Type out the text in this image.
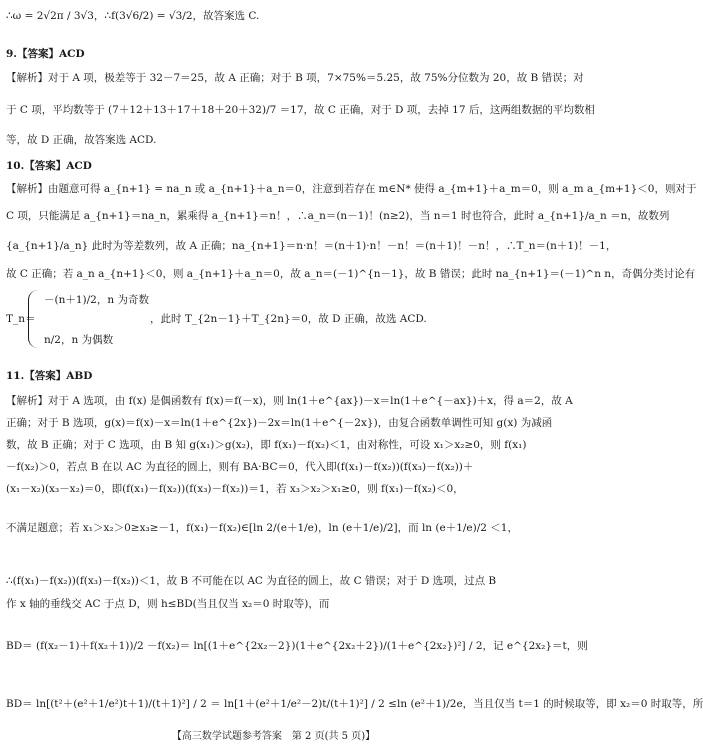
∴ω = 2√2π / 3√3，∴f(3√6/2) = √3/2，故答案选 C.
9.【答案】ACD
【解析】对于 A 项，极差等于 32－7＝25，故 A 正确；对于 B 项，7×75%＝5.25，故 75%分位数为 20，故 B 错误；对
于 C 项，平均数等于 (7＋12＋13＋17＋18＋20＋32)/7 ＝17，故 C 正确，对于 D 项，去掉 17 后，这两组数据的平均数相
等，故 D 正确，故答案选 ACD.
10.【答案】ACD
【解析】由题意可得 a_{n+1} = na_n 或 a_{n+1}＋a_n＝0，注意到若存在 m∈N* 使得 a_{m+1}＋a_m＝0，则 a_m a_{m+1}＜0，则对于
C 项，只能满足 a_{n+1}＝na_n，累乘得 a_{n+1}＝n！，∴a_n＝(n－1)！(n≥2)，当 n＝1 时也符合，此时 a_{n+1}/a_n ＝n，故数列
{a_{n+1}/a_n} 此时为等差数列，故 A 正确；na_{n+1}＝n·n！＝(n＋1)·n！－n！＝(n＋1)！－n！，∴T_n＝(n＋1)！－1，
故 C 正确；若 a_n a_{n+1}＜0，则 a_{n+1}＋a_n＝0，故 a_n＝(－1)^{n－1}，故 B 错误；此时 na_{n+1}＝(－1)^n n，奇偶分类讨论有
－(n＋1)/2，n 为奇数
T_n＝	，此时 T_{2n－1}＋T_{2n}＝0，故 D 正确，故选 ACD.
n/2，n 为偶数
11.【答案】ABD
【解析】对于 A 选项，由 f(x) 是偶函数有 f(x)＝f(－x)，则 ln(1＋e^{ax})－x＝ln(1＋e^{－ax})＋x，得 a＝2，故 A
正确；对于 B 选项，g(x)＝f(x)－x＝ln(1＋e^{2x})－2x＝ln(1＋e^{－2x})，由复合函数单调性可知 g(x) 为减函
数，故 B 正确；对于 C 选项，由 B 知 g(x₁)＞g(x₂)，即 f(x₁)－f(x₂)＜1，由对称性，可设 x₁＞x₂≥0，则 f(x₁)
－f(x₂)＞0，若点 B 在以 AC 为直径的圆上，则有 BA·BC＝0，代入即(f(x₁)－f(x₂))(f(x₃)－f(x₂))＋
(x₁－x₂)(x₃－x₂)＝0，即(f(x₁)－f(x₂))(f(x₃)－f(x₂))＝1，若 x₃＞x₂＞x₁≥0，则 f(x₁)－f(x₂)＜0，
不满足题意；若 x₁＞x₂＞0≥x₃≥－1，f(x₁)－f(x₂)∈[ln 2/(e＋1/e)，ln (e＋1/e)/2]，而 ln (e＋1/e)/2 ＜1，
∴(f(x₁)－f(x₂))(f(x₃)－f(x₂))＜1，故 B 不可能在以 AC 为直径的圆上，故 C 错误；对于 D 选项，过点 B
作 x 轴的垂线交 AC 于点 D，则 h≤BD(当且仅当 x₂＝0 时取等)，而
BD＝ (f(x₂－1)＋f(x₂＋1))/2 －f(x₂)＝ ln[(1＋e^{2x₂－2})(1＋e^{2x₂＋2})/(1＋e^{2x₂})²] / 2，记 e^{2x₂}＝t，则
BD＝ ln[(t²＋(e²＋1/e²)t＋1)/(t＋1)²] / 2 ＝ ln[1＋(e²＋1/e²－2)t/(t＋1)²] / 2 ≤ln (e²＋1)/2e，当且仅当 t＝1 的时候取等，即 x₂＝0 时取等，所
【高三数学试题参考答案　第 2 页(共 5 页)】
